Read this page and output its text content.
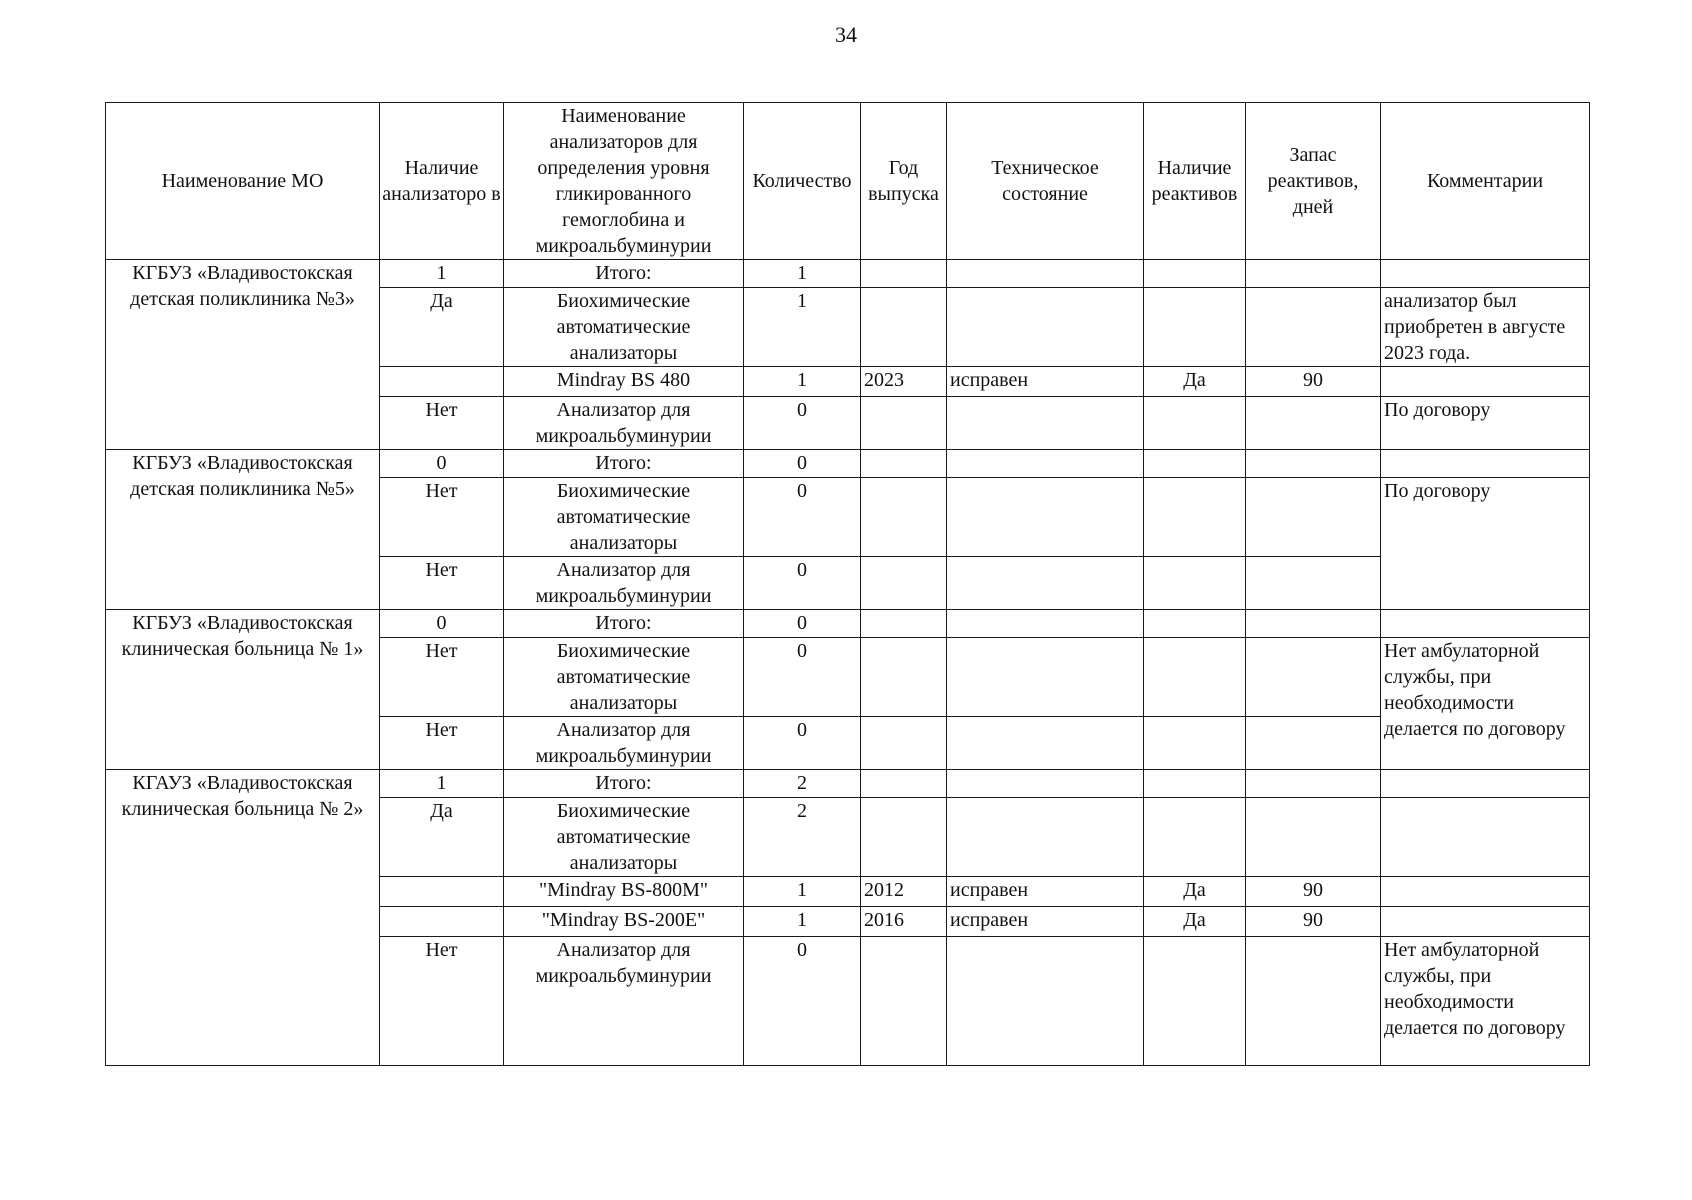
34
Наименование МО	Наличие анализаторо в	Наименование анализаторов для определения уровня гликированного гемоглобина и микроальбуминурии	Количество	Год выпуска	Техническое состояние	Наличие реактивов	Запас реактивов, дней	Комментарии
КГБУЗ «Владивостокская детская поликлиника №3»	1	Итого:	1					
	Да	Биохимические автоматические анализаторы	1					анализатор был приобретен в августе 2023 года.
		Mindray BS 480	1	2023	исправен	Да	90	
	Нет	Анализатор для микроальбуминурии	0					По договору
КГБУЗ «Владивостокская детская поликлиника №5»	0	Итого:	0					
	Нет	Биохимические автоматические анализаторы	0					По договору
	Нет	Анализатор для микроальбуминурии	0					
КГБУЗ «Владивостокская клиническая больница № 1»	0	Итого:	0					
	Нет	Биохимические автоматические анализаторы	0					Нет амбулаторной службы, при необходимости делается по договору
	Нет	Анализатор для микроальбуминурии	0					
КГАУЗ «Владивостокская клиническая больница № 2»	1	Итого:	2					
	Да	Биохимические автоматические анализаторы	2					
		"Mindray BS-800M"	1	2012	исправен	Да	90	
		"Mindray BS-200E"	1	2016	исправен	Да	90	
	Нет	Анализатор для микроальбуминурии	0					Нет амбулаторной службы, при необходимости делается по договору
